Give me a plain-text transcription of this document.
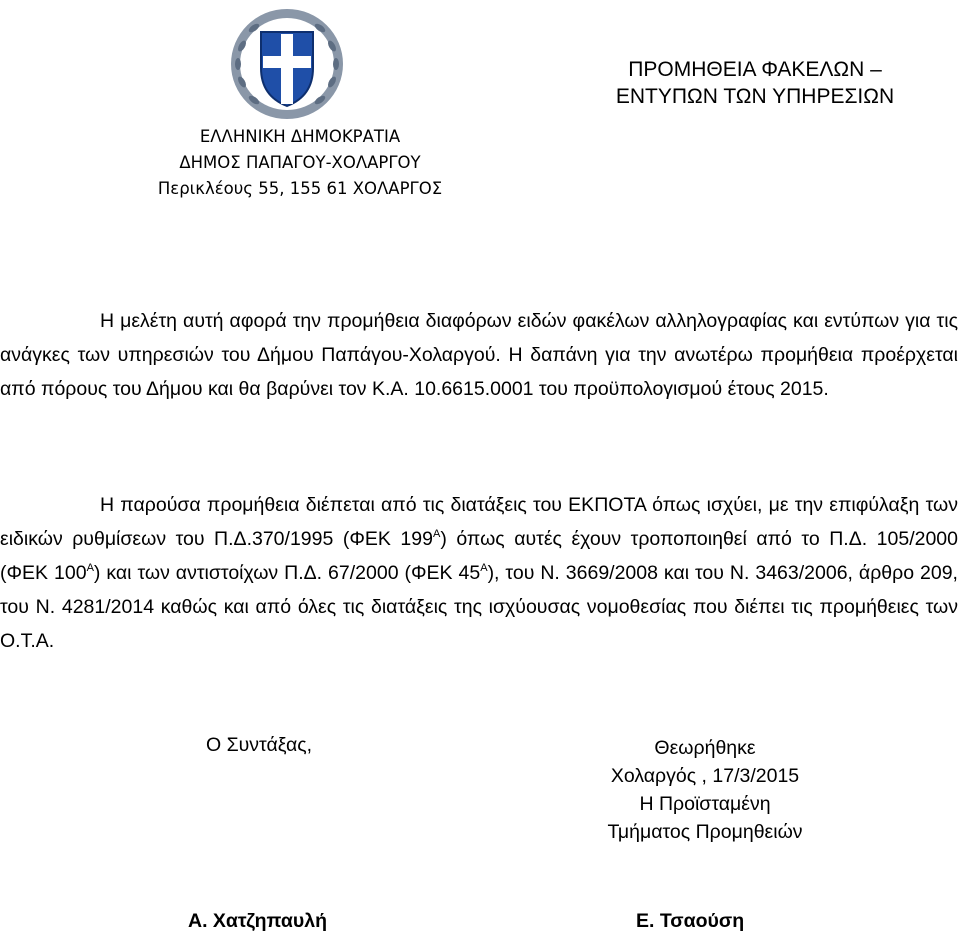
ΠΡΟΜΗΘΕΙΑ ΦΑΚΕΛΩΝ –
ΕΝΤΥΠΩΝ ΤΩΝ ΥΠΗΡΕΣΙΩΝ
ΕΛΛΗΝΙΚΗ ΔΗΜΟΚΡΑΤΙΑ
ΔΗΜΟΣ ΠΑΠΑΓΟΥ-ΧΟΛΑΡΓΟΥ
Περικλέους 55, 155 61 ΧΟΛΑΡΓΟΣ

Η μελέτη αυτή αφορά την προμήθεια διαφόρων ειδών φακέλων αλληλογραφίας και εντύπων για τις ανάγκες των υπηρεσιών του Δήμου Παπάγου-Χολαργού. Η δαπάνη για την ανωτέρω προμήθεια προέρχεται από πόρους του Δήμου και θα βαρύνει τον Κ.Α. 10.6615.0001 του προϋπολογισμού έτους 2015.

Η παρούσα προμήθεια διέπεται από τις διατάξεις του ΕΚΠΟΤΑ όπως ισχύει, με την επιφύλαξη των ειδικών ρυθμίσεων του Π.Δ.370/1995 (ΦΕΚ $199^A$) όπως αυτές έχουν τροποποιηθεί από το Π.Δ. 105/2000 (ΦΕΚ $100^A$) και των αντιστοίχων Π.Δ. 67/2000 (ΦΕΚ $45^A$), του Ν. 3669/2008 και του Ν. 3463/2006, άρθρο 209, του Ν. 4281/2014 καθώς και από όλες τις διατάξεις της ισχύουσας νομοθεσίας που διέπει τις προμήθειες των Ο.Τ.Α.

Ο Συντάξας,	Θεωρήθηκε
Χολαργός , 17/3/2015
Η Προϊσταμένη
Τμήματος Προμηθειών
Α. Χατζηπαυλή	Ε. Τσαούση
